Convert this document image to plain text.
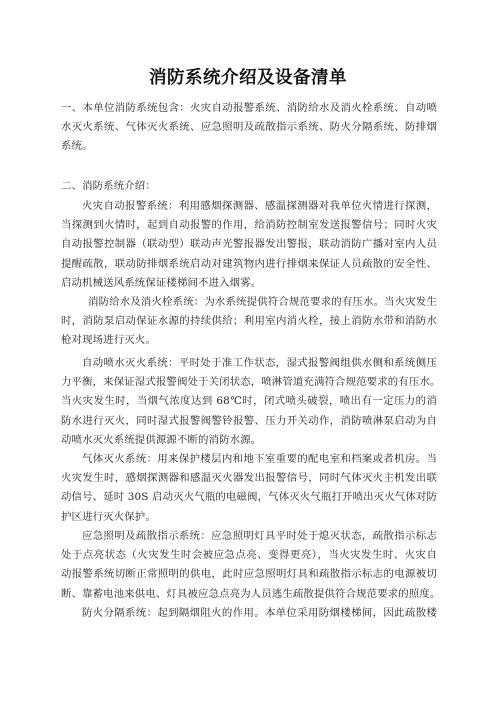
消防系统介绍及设备清单
一、本单位消防系统包含：火灾自动报警系统、消防给水及消火栓系统、自动喷
水灭火系统、气体灭火系统、应急照明及疏散指示系统、防火分隔系统、防排烟
系统。
二、消防系统介绍：
火灾自动报警系统：利用感烟探测器、感温探测器对我单位火情进行探测，
当探测到火情时，起到自动报警的作用，给消防控制室发送报警信号；同时火灾
自动报警控制器（联动型）联动声光警报器发出警报，联动消防广播对室内人员
提醒疏散，联动防排烟系统启动对建筑物内进行排烟来保证人员疏散的安全性、
启动机械送风系统保证楼梯间不进入烟雾。
消防给水及消火栓系统：为水系统提供符合规范要求的有压水。当火灾发生
时，消防泵启动保证水源的持续供给；利用室内消火栓，接上消防水带和消防水
枪对现场进行灭火。
自动喷水灭火系统：平时处于准工作状态，湿式报警阀组供水侧和系统侧压
力平衡，来保证湿式报警阀处于关闭状态，喷淋管道充满符合规范要求的有压水。
当火灾发生时，当烟气浓度达到 68℃时，闭式喷头破裂，喷出有一定压力的消
防水进行灭火，同时湿式报警阀警铃报警、压力开关动作，消防喷淋泵启动为自
动喷水灭火系统提供源源不断的消防水源。
气体灭火系统：用来保护楼层内和地下室重要的配电室和档案或者机房。当
火灾发生时，感烟探测器和感温灭火器发出报警信号，同时气体灭火主机发出联
动信号、延时 30S 启动灭火气瓶的电磁阀，气体灭火气瓶打开喷出灭火气体对防
护区进行灭火保护。
应急照明及疏散指示系统：应急照明灯具平时处于熄灭状态，疏散指示标志
处于点亮状态（火灾发生时会被应急点亮、变得更亮），当火灾发生时、火灾自
动报警系统切断正常照明的供电，此时应急照明灯具和疏散指示标志的电源被切
断、靠蓄电池来供电、灯具被应急点亮为人员逃生疏散提供符合规范要求的照度。
防火分隔系统：起到隔烟阻火的作用。本单位采用防烟楼梯间，因此疏散楼
